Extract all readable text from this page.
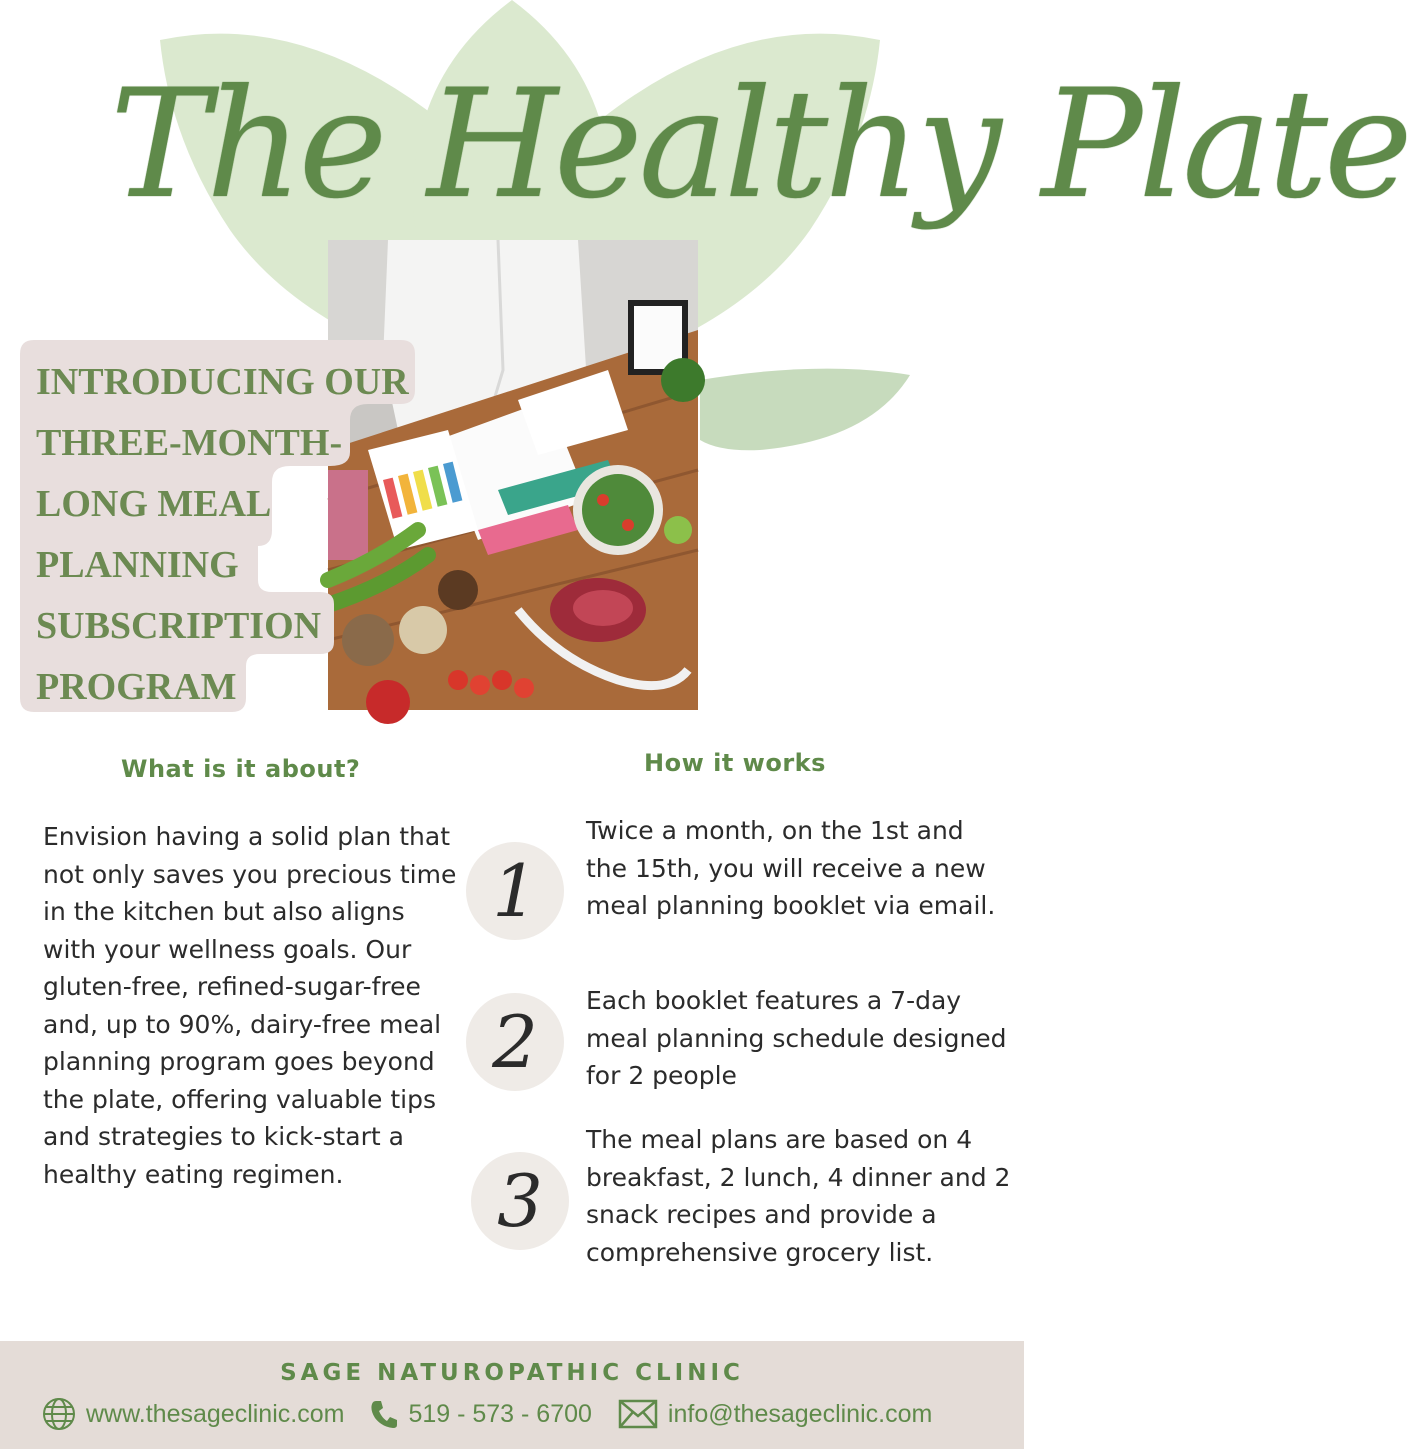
The Healthy Plate
INTRODUCING OUR
THREE-MONTH-
LONG MEAL
PLANNING
SUBSCRIPTION
PROGRAM
What is it about?
Envision having a solid plan that not only saves you precious time in the kitchen but also aligns with your wellness goals. Our gluten-free, refined-sugar-free and, up to 90%, dairy-free meal planning program goes beyond the plate, offering valuable tips and strategies to kick-start a healthy eating regimen.
How it works
1
Twice a month, on the 1st and the 15th, you will receive a new meal planning booklet via email.
2	Each booklet features a 7-day meal planning schedule designed for 2 people
3
The meal plans are based on 4 breakfast, 2 lunch, 4 dinner and 2 snack recipes and provide a comprehensive grocery list.
SAGE NATUROPATHIC CLINIC
www.thesageclinic.com	519 - 573 - 6700	info@thesageclinic.com
